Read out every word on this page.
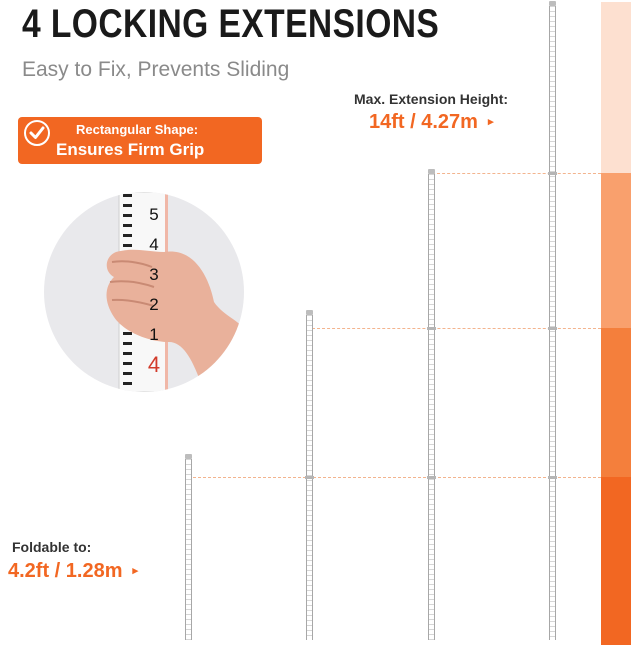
4 LOCKING EXTENSIONS
Easy to Fix, Prevents Sliding
Rectangular Shape:
Ensures Firm Grip
5
4
3
2
1
4
Max. Extension Height:
14ft / 4.27m ▸
Foldable to:
4.2ft / 1.28m ▸
